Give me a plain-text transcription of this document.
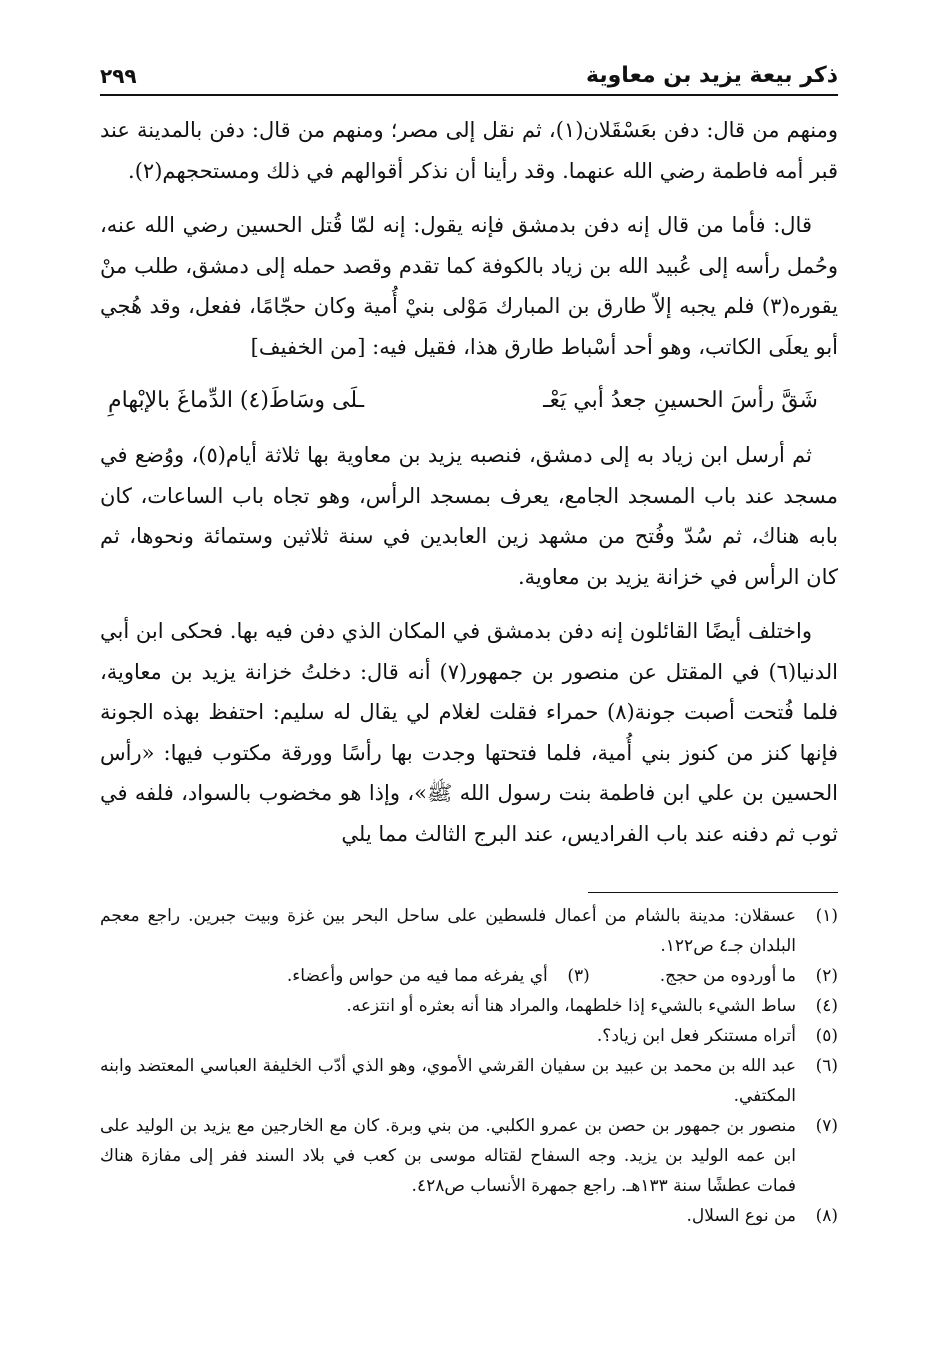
ذكر بيعة يزيد بن معاوية
٢٩٩

ومنهم من قال: دفن بعَسْقَلان(١)، ثم نقل إلى مصر؛ ومنهم من قال: دفن بالمدينة عند قبر أمه فاطمة رضي الله عنهما. وقد رأينا أن نذكر أقوالهم في ذلك ومستحجهم(٢).

قال: فأما من قال إنه دفن بدمشق فإنه يقول: إنه لمّا قُتل الحسين رضي الله عنه، وحُمل رأسه إلى عُبيد الله بن زياد بالكوفة كما تقدم وقصد حمله إلى دمشق، طلب منْ يقوره(٣) فلم يجبه إلاّ طارق بن المبارك مَوْلى بنيْ أُمية وكان حجّامًا، ففعل، وقد هُجي أبو يعلَى الكاتب، وهو أحد أسْباط طارق هذا، فقيل فيه: [من الخفيف]

شَقَّ رأسَ الحسينِ جعدُ أبي يَعْـ
ـلَى وسَاطَ(٤) الدِّماغَ بالإبْهامِ

ثم أرسل ابن زياد به إلى دمشق، فنصبه يزيد بن معاوية بها ثلاثة أيام(٥)، ووُضع في مسجد عند باب المسجد الجامع، يعرف بمسجد الرأس، وهو تجاه باب الساعات، كان بابه هناك، ثم سُدّ وفُتح من مشهد زين العابدين في سنة ثلاثين وستمائة ونحوها، ثم كان الرأس في خزانة يزيد بن معاوية.

واختلف أيضًا القائلون إنه دفن بدمشق في المكان الذي دفن فيه بها. فحكى ابن أبي الدنيا(٦) في المقتل عن منصور بن جمهور(٧) أنه قال: دخلتُ خزانة يزيد بن معاوية، فلما فُتحت أصبت جونة(٨) حمراء فقلت لغلام لي يقال له سليم: احتفظ بهذه الجونة فإنها كنز من كنوز بني أُمية، فلما فتحتها وجدت بها رأسًا وورقة مكتوب فيها: «رأس الحسين بن علي ابن فاطمة بنت رسول الله ﷺ»، وإذا هو مخضوب بالسواد، فلفه في ثوب ثم دفنه عند باب الفراديس، عند البرج الثالث مما يلي

(١)
عسقلان: مدينة بالشام من أعمال فلسطين على ساحل البحر بين غزة وبيت جبرين. راجع معجم البلدان جـ٤ ص١٢٢.
(٢)
ما أوردوه من حجج.
(٣)
أي يفرغه مما فيه من حواس وأعضاء.
(٤)
ساط الشيء بالشيء إذا خلطهما، والمراد هنا أنه بعثره أو انتزعه.
(٥)
أتراه مستنكر فعل ابن زياد؟.
(٦)
عبد الله بن محمد بن عبيد بن سفيان القرشي الأموي، وهو الذي أدّب الخليفة العباسي المعتضد وابنه المكتفي.
(٧)
منصور بن جمهور بن حصن بن عمرو الكلبي. من بني وبرة. كان مع الخارجين مع يزيد بن الوليد على ابن عمه الوليد بن يزيد. وجه السفاح لقتاله موسى بن كعب في بلاد السند ففر إلى مفازة هناك فمات عطشًا سنة ١٣٣هـ. راجع جمهرة الأنساب ص٤٢٨.
(٨)
من نوع السلال.
